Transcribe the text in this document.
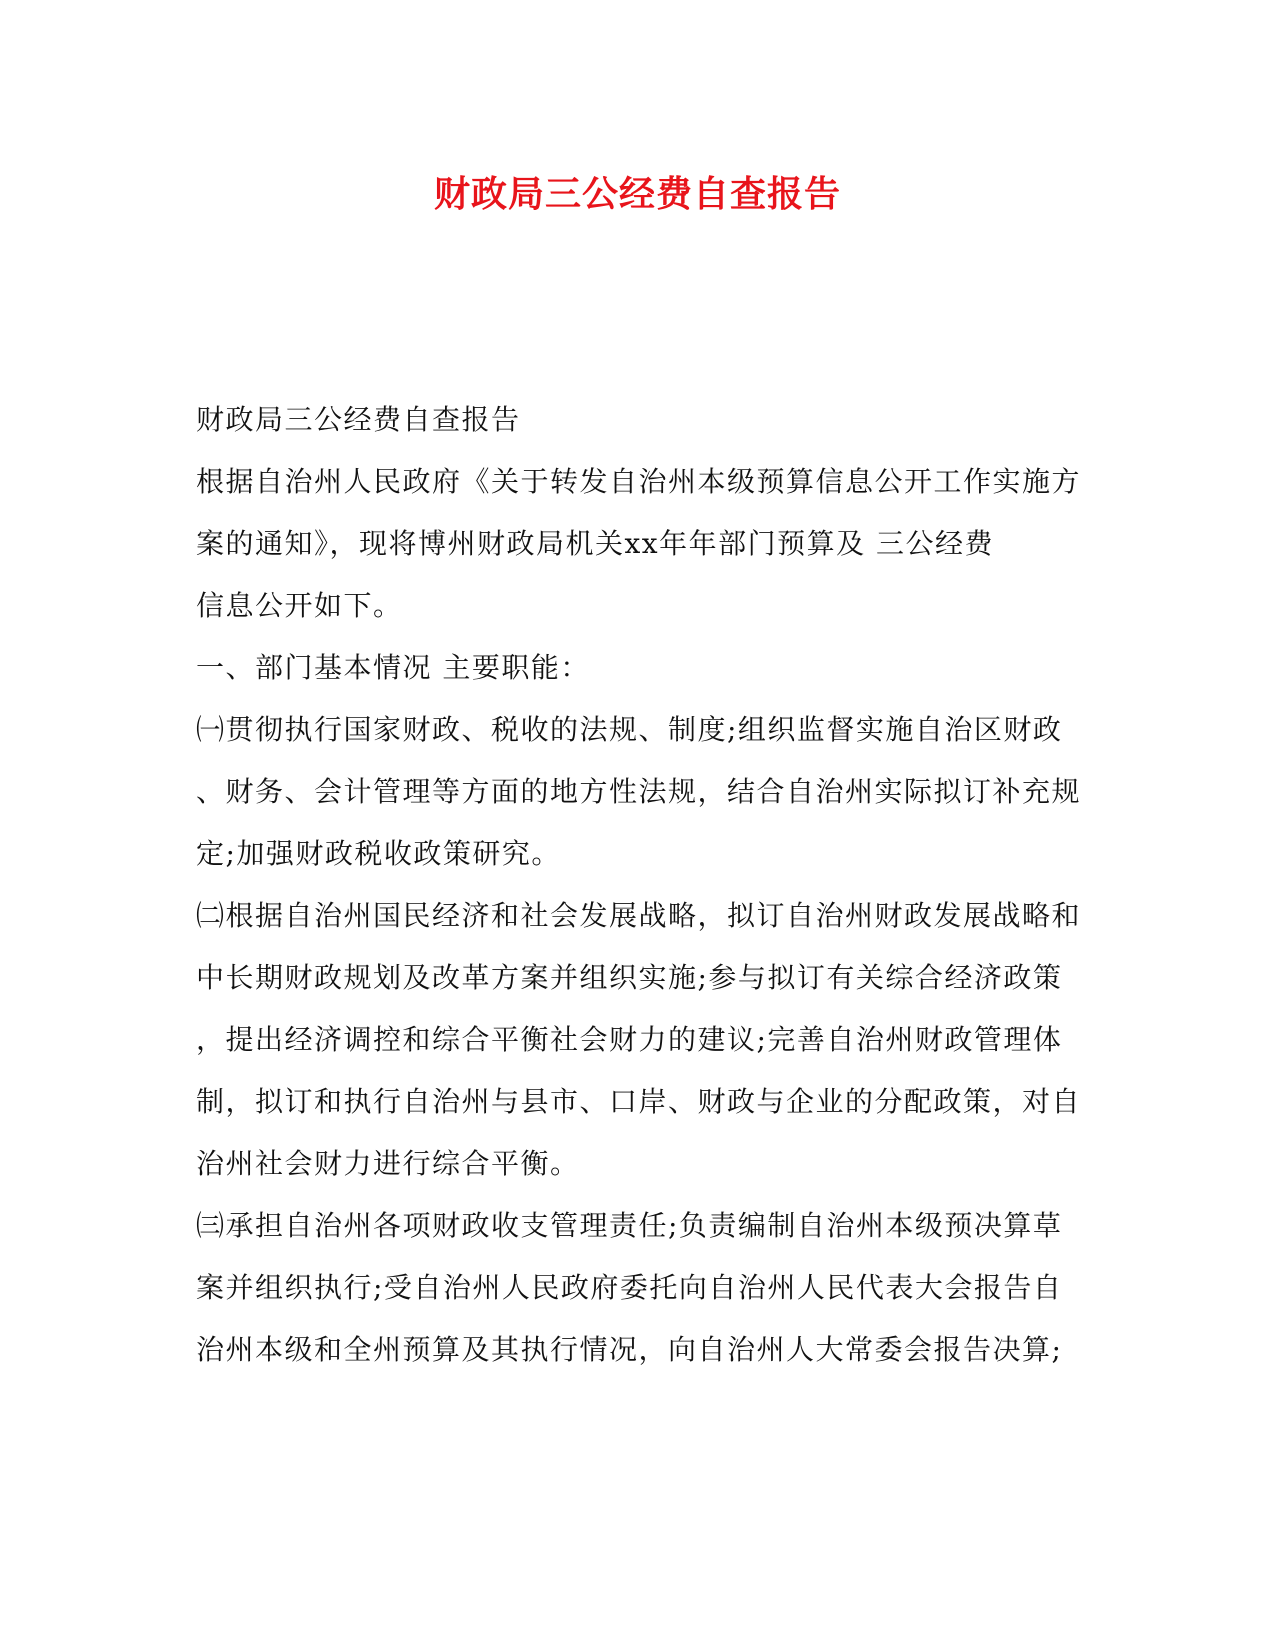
财政局三公经费自查报告

财政局三公经费自查报告

根据自治州人民政府《关于转发自治州本级预算信息公开工作实施方

案的通知》，现将博州财政局机关xx年年部门预算及 三公经费

信息公开如下。

一、部门基本情况 主要职能：

㈠贯彻执行国家财政、税收的法规、制度;组织监督实施自治区财政

、财务、会计管理等方面的地方性法规，结合自治州实际拟订补充规

定;加强财政税收政策研究。

㈡根据自治州国民经济和社会发展战略，拟订自治州财政发展战略和

中长期财政规划及改革方案并组织实施;参与拟订有关综合经济政策

，提出经济调控和综合平衡社会财力的建议;完善自治州财政管理体

制，拟订和执行自治州与县市、口岸、财政与企业的分配政策，对自

治州社会财力进行综合平衡。

㈢承担自治州各项财政收支管理责任;负责编制自治州本级预决算草

案并组织执行;受自治州人民政府委托向自治州人民代表大会报告自

治州本级和全州预算及其执行情况，向自治州人大常委会报告决算;
